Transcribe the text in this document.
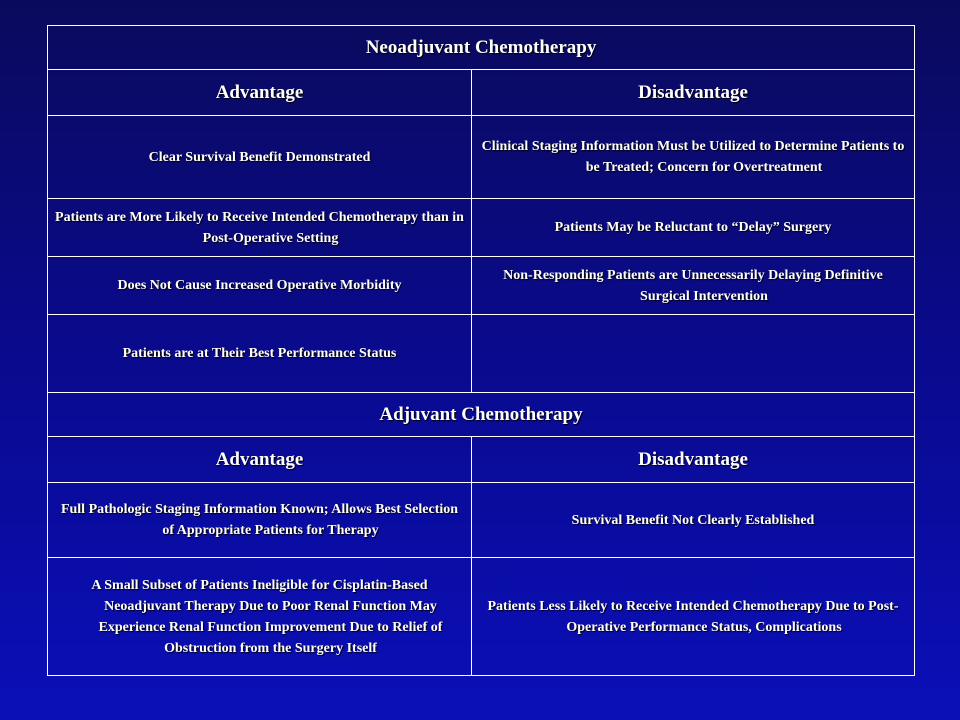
Neoadjuvant Chemotherapy	
Advantage	Disadvantage
Clear Survival Benefit Demonstrated	Clinical Staging Information Must be Utilized to Determine Patients to be Treated; Concern for Overtreatment
Patients are More Likely to Receive Intended Chemotherapy than in Post-Operative Setting	Patients May be Reluctant to “Delay” Surgery
Does Not Cause Increased Operative Morbidity	Non-Responding Patients are Unnecessarily Delaying Definitive Surgical Intervention
Patients are at Their Best Performance Status	
Adjuvant Chemotherapy	
Advantage	Disadvantage
Full Pathologic Staging Information Known; Allows Best Selection of Appropriate Patients for Therapy	Survival Benefit Not Clearly Established
A Small Subset of Patients Ineligible for Cisplatin-Based Neoadjuvant Therapy Due to Poor Renal Function May Experience Renal Function Improvement Due to Relief of Obstruction from the Surgery Itself	Patients Less Likely to Receive Intended Chemotherapy Due to Post-Operative Performance Status, Complications
